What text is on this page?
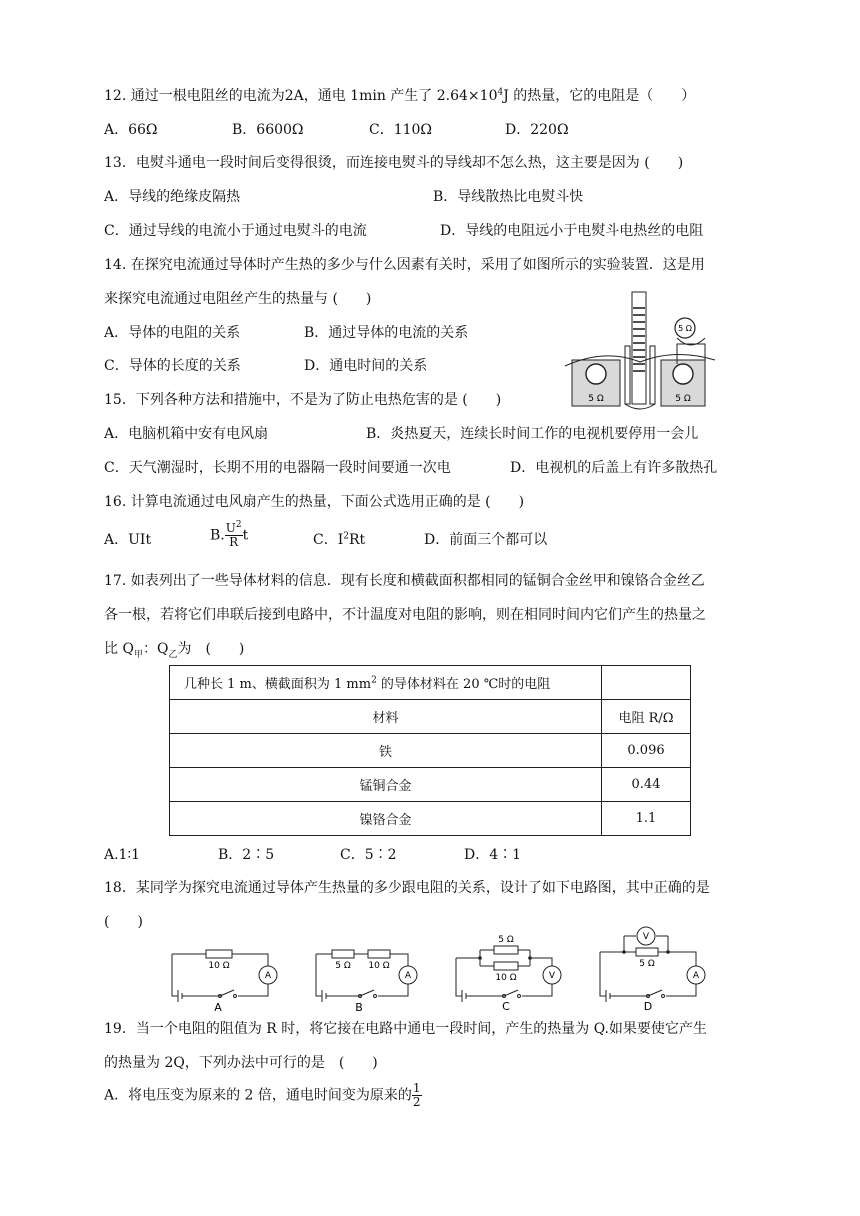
12. 通过一根电阻丝的电流为2A，通电 1min 产生了 $2.64\times 10^4J$ 的热量，它的电阻是（　　）
A．66Ω	B．6600Ω	C．110Ω	D．220Ω
13．电熨斗通电一段时间后变得很烫，而连接电熨斗的导线却不怎么热，这主要是因为 (　　)
A．导线的绝缘皮隔热	B．导线散热比电熨斗快
C．通过导线的电流小于通过电熨斗的电流	D．导线的电阻远小于电熨斗电热丝的电阻
14. 在探究电流通过导体时产生热的多少与什么因素有关时，采用了如图所示的实验装置．这是用
来探究电流通过电阻丝产生的热量与 (　　)
A．导体的电阻的关系	B．通过导体的电流的关系
C．导体的长度的关系	D．通电时间的关系
5 Ω
5 Ω	5 Ω
15．下列各种方法和措施中，不是为了防止电热危害的是 (　　)
A．电脑机箱中安有电风扇	B．炎热夏天，连续长时间工作的电视机要停用一会儿
C．天气潮湿时，长期不用的电器隔一段时间要通一次电	D．电视机的后盖上有许多散热孔
16. 计算电流通过电风扇产生的热量，下面公式选用正确的是 (　　)
A．UIt	B. $\frac{U^2}{R}$ t	C．$I^2Rt$	D．前面三个都可以
17. 如表列出了一些导体材料的信息．现有长度和横截面积都相同的锰铜合金丝甲和镍铬合金丝乙
各一根，若将它们串联后接到电路中，不计温度对电阻的影响，则在相同时间内它们产生的热量之
比 $Q_甲$：$Q_乙$为　(　　)
几种长 1 m、横截面积为 1 $mm^2$ 的导体材料在 20 ℃时的电阻	
材料	电阻 R/Ω
铁	0.096
锰铜合金	0.44
镍铬合金	1.1
A.1∶1	B．2∶5	C．5∶2	D．4∶1
18．某同学为探究电流通过导体产生热量的多少跟电阻的关系，设计了如下电路图，其中正确的是
(　　)
10 Ω
A
A
5 Ω 10 Ω
A
B
5 Ω
10 Ω	V
C
V
5 Ω
A
D
19．当一个电阻的阻值为 R 时，将它接在电路中通电一段时间，产生的热量为 Q.如果要使它产生
的热量为 2Q，下列办法中可行的是　(　　)
A．将电压变为原来的 2 倍，通电时间变为原来的 $\frac{1}{2}$
